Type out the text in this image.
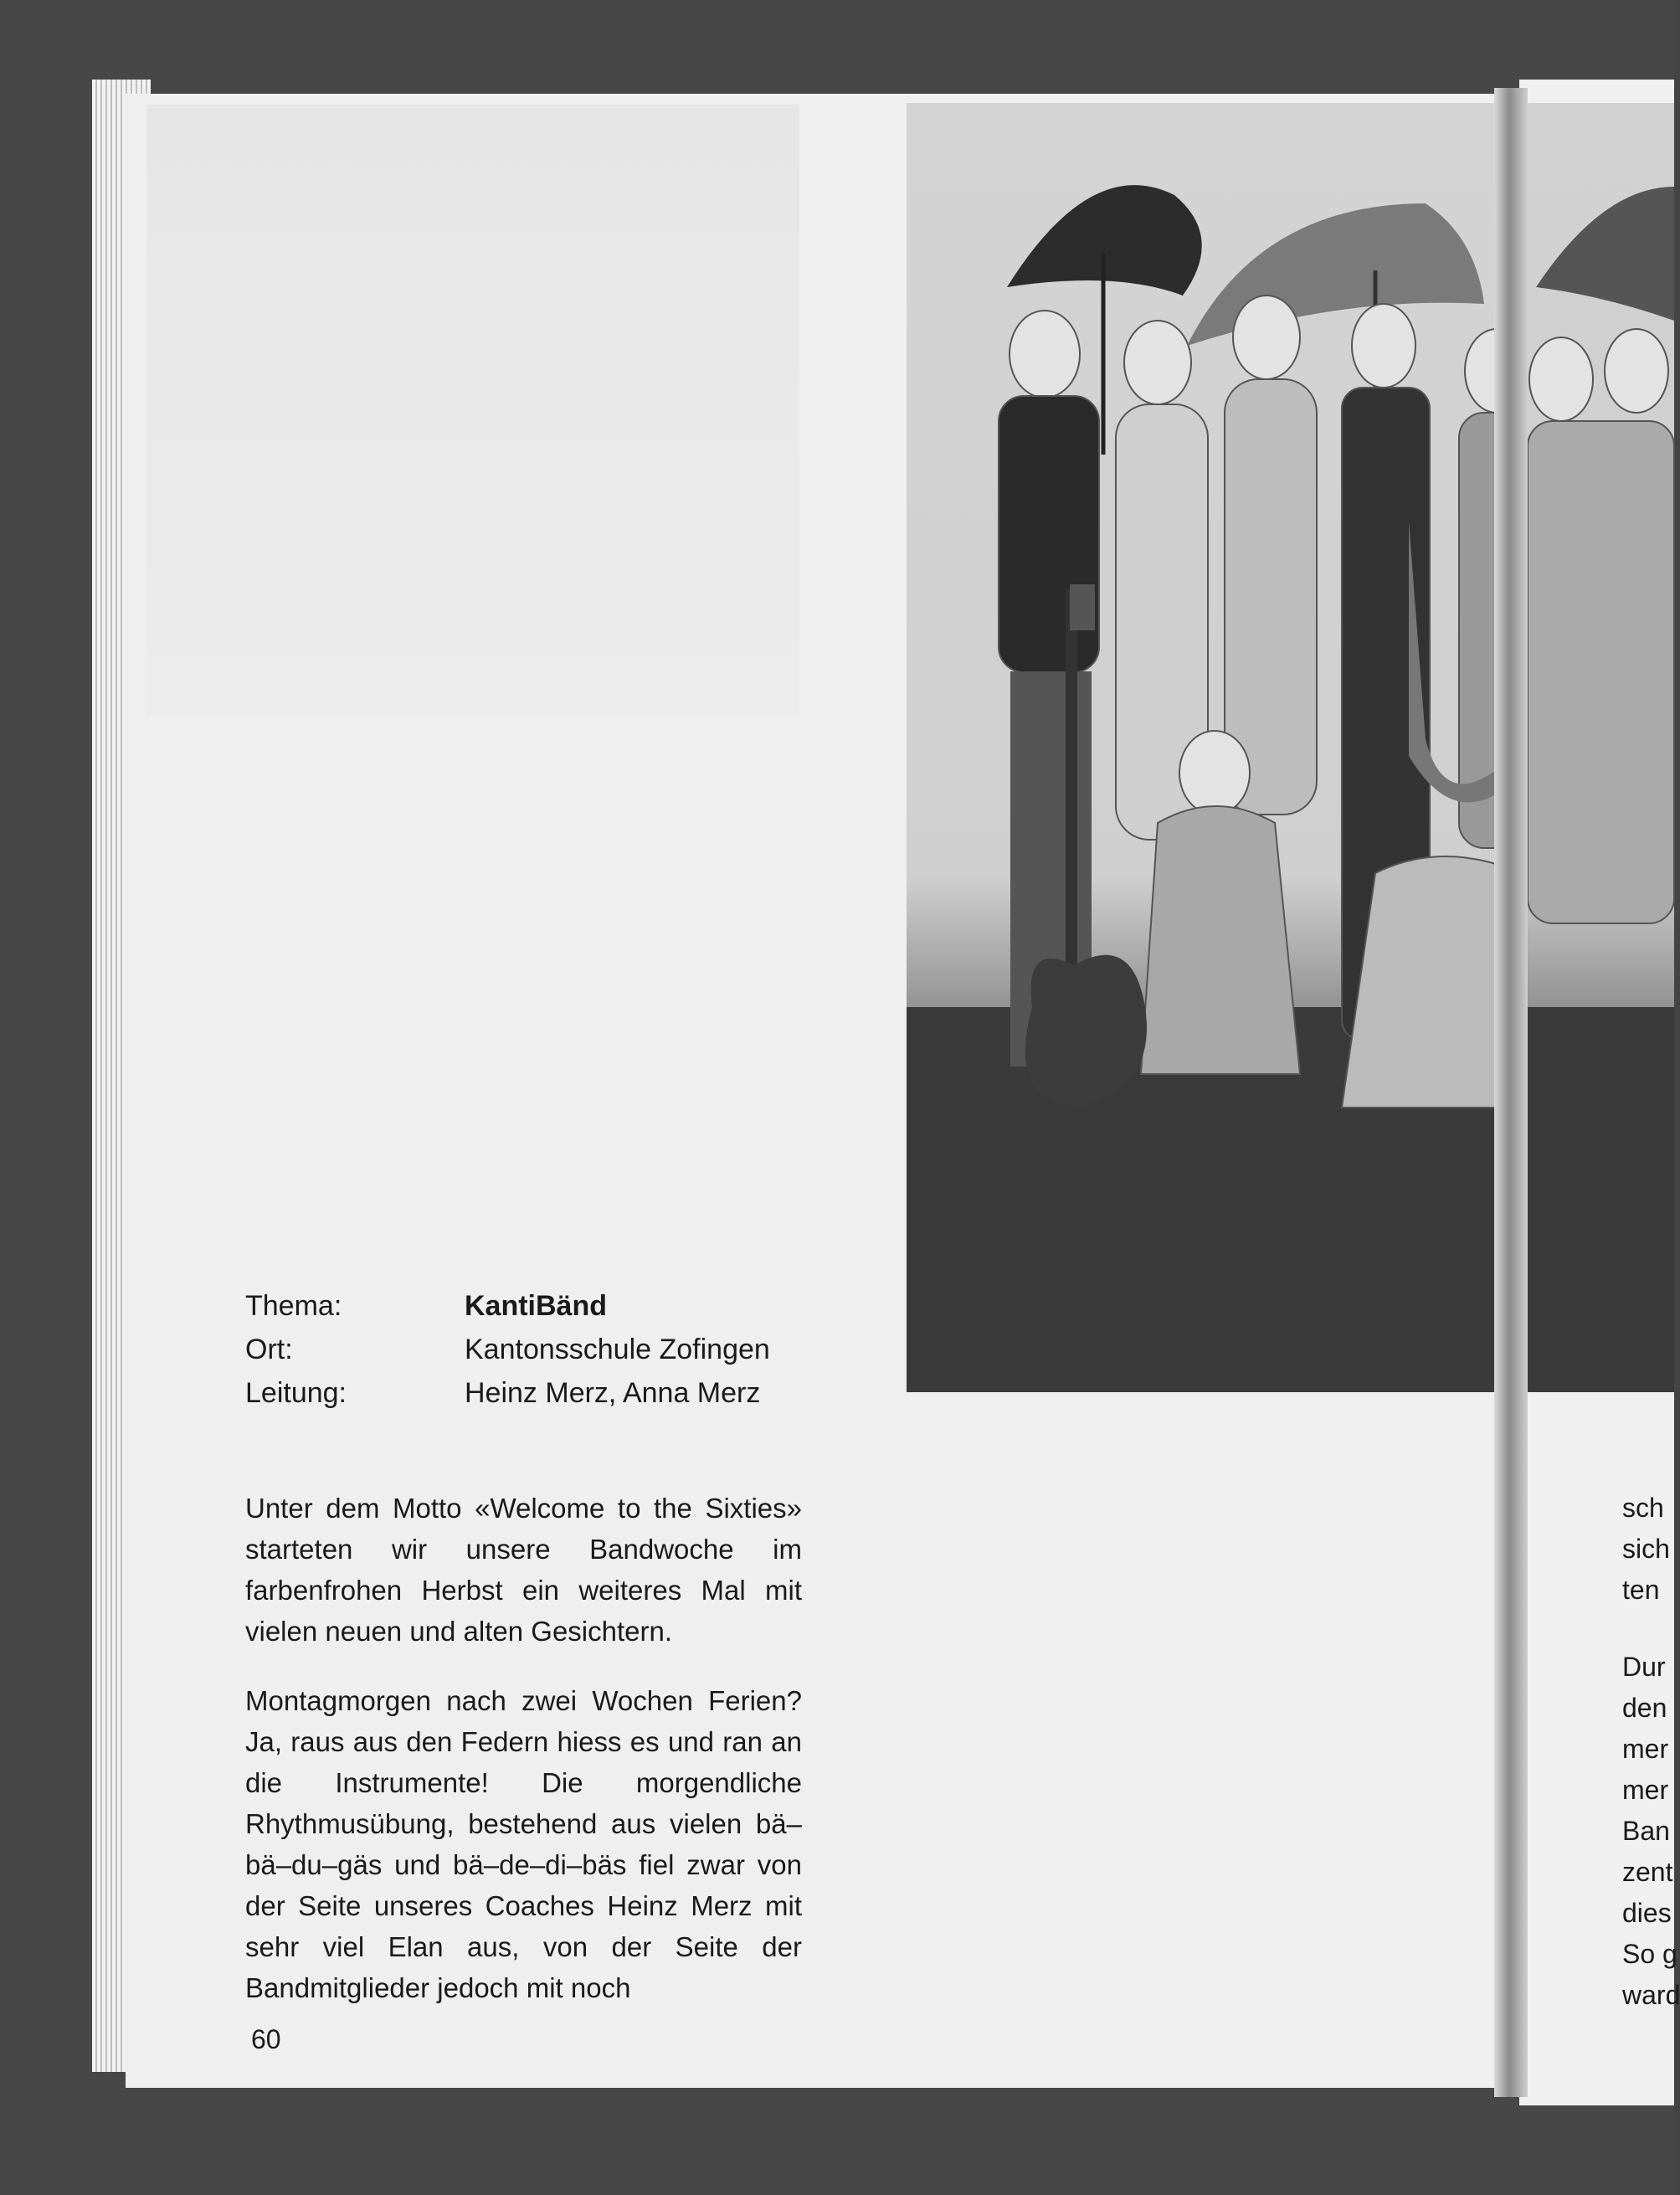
Thema:	KantiBänd
Ort:	Kantonsschule Zofingen
Leitung:	Heinz Merz, Anna Merz

Unter dem Motto «Welcome to the Sixties» starteten wir unsere Bandwoche im farbenfrohen Herbst ein weiteres Mal mit vielen neuen und alten Gesichtern.

Montagmorgen nach zwei Wochen Ferien? Ja, raus aus den Federn hiess es und ran an die Instrumente! Die morgendliche Rhythmusübung, bestehend aus vielen bä–bä–du–gäs und bä–de–di–bäs fiel zwar von der Seite unseres Coaches Heinz Merz mit sehr viel Elan aus, von der Seite der Bandmitglieder jedoch mit noch

sch
sich
ten
Dur
den
mer
mer
Ban
zent
dies
So g
ward
60
